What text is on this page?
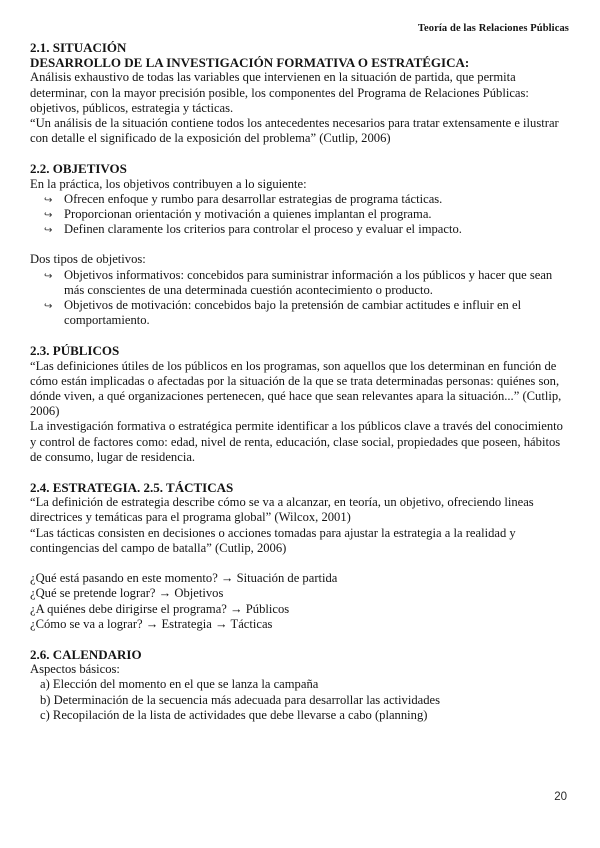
Teoría de las Relaciones Públicas
2.1. SITUACIÓN
DESARROLLO DE LA INVESTIGACIÓN FORMATIVA O ESTRATÉGICA:
Análisis exhaustivo de todas las variables que intervienen en la situación de partida, que permita determinar, con la mayor precisión posible, los componentes del Programa de Relaciones Públicas: objetivos, públicos, estrategia y tácticas.
“Un análisis de la situación contiene todos los antecedentes necesarios para tratar extensamente e ilustrar con detalle el significado de la exposición del problema” (Cutlip, 2006)
2.2. OBJETIVOS
En la práctica, los objetivos contribuyen a lo siguiente:
↪ Ofrecen enfoque y rumbo para desarrollar estrategias de programa tácticas.
↪ Proporcionan orientación y motivación a quienes implantan el programa.
↪ Definen claramente los criterios para controlar el proceso y evaluar el impacto.
Dos tipos de objetivos:
↪ Objetivos informativos: concebidos para suministrar información a los públicos y hacer que sean más conscientes de una determinada cuestión acontecimiento o producto.
↪ Objetivos de motivación: concebidos bajo la pretensión de cambiar actitudes e influir en el comportamiento.
2.3. PÚBLICOS
“Las definiciones útiles de los públicos en los programas, son aquellos que los determinan en función de cómo están implicadas o afectadas por la situación de la que se trata determinadas personas: quiénes son, dónde viven, a qué organizaciones pertenecen, qué hace que sean relevantes apara la situación...” (Cutlip, 2006)
La investigación formativa o estratégica permite identificar a los públicos clave a través del conocimiento y control de factores como: edad, nivel de renta, educación, clase social, propiedades que poseen, hábitos de consumo, lugar de residencia.
2.4. ESTRATEGIA. 2.5. TÁCTICAS
“La definición de estrategia describe cómo se va a alcanzar, en teoría, un objetivo, ofreciendo lineas directrices y temáticas para el programa global” (Wilcox, 2001)
“Las tácticas consisten en decisiones o acciones tomadas para ajustar la estrategia a la realidad y contingencias del campo de batalla” (Cutlip, 2006)
¿Qué está pasando en este momento? → Situación de partida
¿Qué se pretende lograr? → Objetivos
¿A quiénes debe dirigirse el programa? → Públicos
¿Cómo se va a lograr? → Estrategia → Tácticas
2.6. CALENDARIO
Aspectos básicos:
a) Elección del momento en el que se lanza la campaña
b) Determinación de la secuencia más adecuada para desarrollar las actividades
c) Recopilación de la lista de actividades que debe llevarse a cabo (planning)
20
